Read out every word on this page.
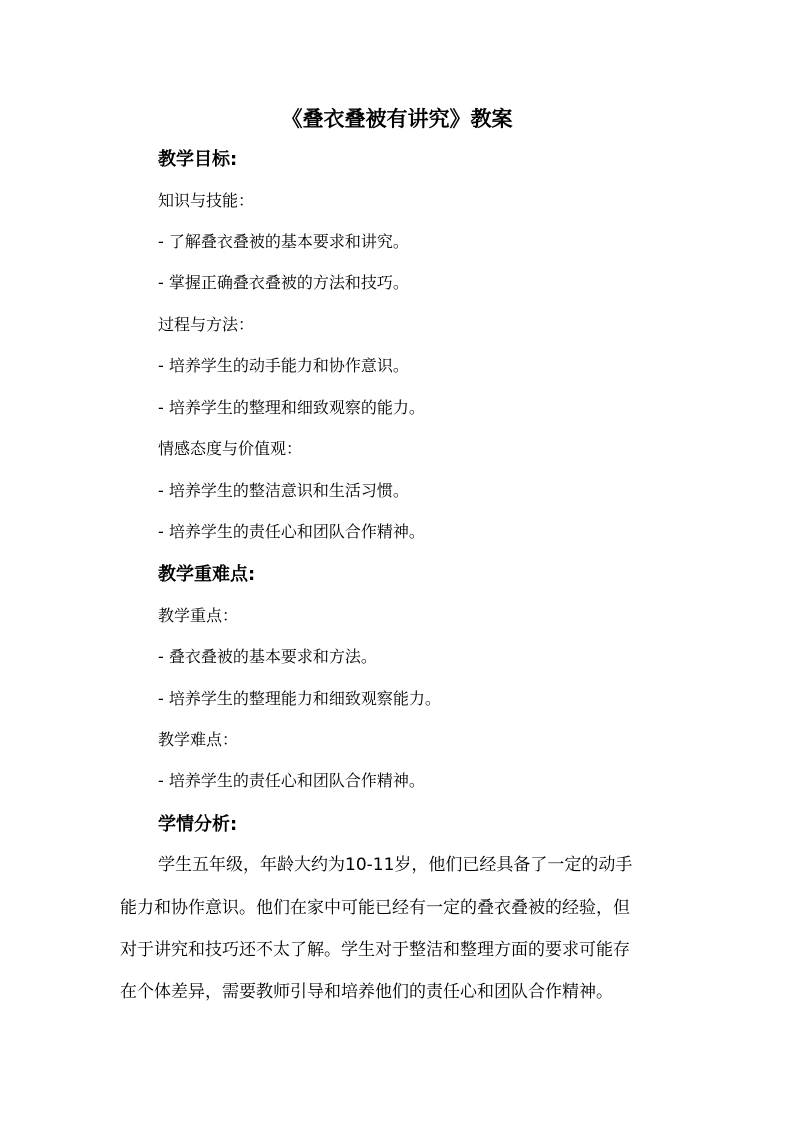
《叠衣叠被有讲究》教案
教学目标:
知识与技能：
- 了解叠衣叠被的基本要求和讲究。
- 掌握正确叠衣叠被的方法和技巧。
过程与方法：
- 培养学生的动手能力和协作意识。
- 培养学生的整理和细致观察的能力。
情感态度与价值观：
- 培养学生的整洁意识和生活习惯。
- 培养学生的责任心和团队合作精神。
教学重难点:
教学重点：
- 叠衣叠被的基本要求和方法。
- 培养学生的整理能力和细致观察能力。
教学难点：
- 培养学生的责任心和团队合作精神。
学情分析:
学生五年级，年龄大约为10-11岁，他们已经具备了一定的动手
能力和协作意识。他们在家中可能已经有一定的叠衣叠被的经验，但
对于讲究和技巧还不太了解。学生对于整洁和整理方面的要求可能存
在个体差异，需要教师引导和培养他们的责任心和团队合作精神。
